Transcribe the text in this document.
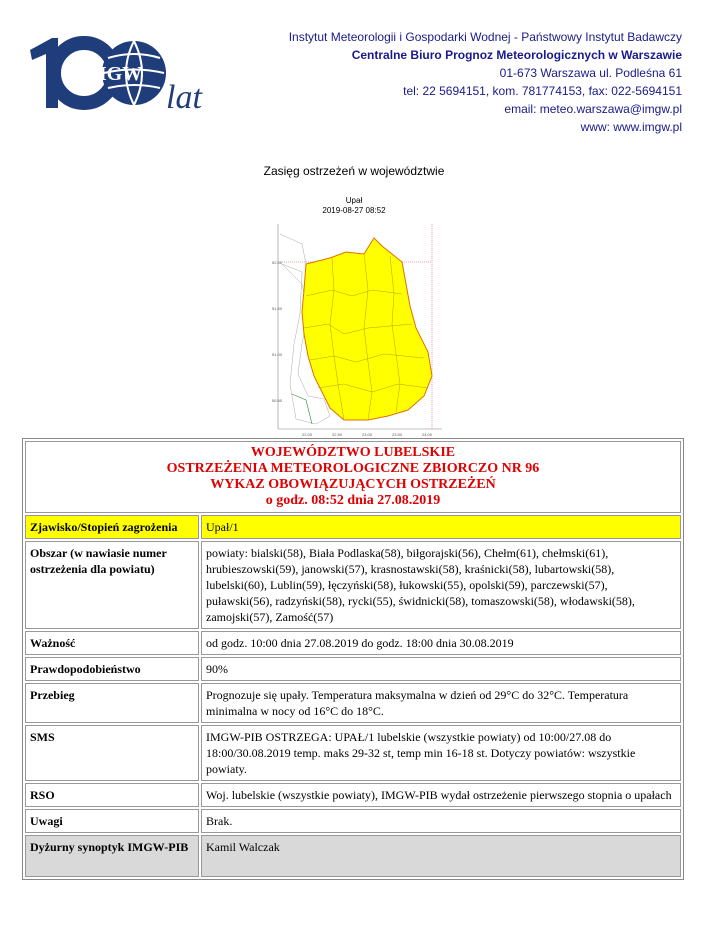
IMGW
lat
Instytut Meteorologii i Gospodarki Wodnej - Państwowy Instytut Badawczy
Centralne Biuro Prognoz Meteorologicznych w Warszawie
01-673 Warszawa ul. Podleśna 61
tel: 22 5694151, kom. 781774153, fax: 022-5694151
email: meteo.warszawa@imgw.pl
www: www.imgw.pl
Zasięg ostrzeżeń w województwie
Upał
2019-08-27 08:52
52.00
51.50
51.00
50.50
22.00	22.50	23.00	23.50	24.00
WOJEWÓDZTWO LUBELSKIE
OSTRZEŻENIA METEOROLOGICZNE ZBIORCZO NR 96
WYKAZ OBOWIĄZUJĄCYCH OSTRZEŻEŃ
o godz. 08:52 dnia 27.08.2019	

Zjawisko/Stopień zagrożenia	Upał/1
Obszar (w nawiasie numer ostrzeżenia dla powiatu)	powiaty: bialski(58), Biała Podlaska(58), biłgorajski(56), Chełm(61), chełmski(61), hrubieszowski(59), janowski(57), krasnostawski(58), kraśnicki(58), lubartowski(58), lubelski(60), Lublin(59), łęczyński(58), łukowski(55), opolski(59), parczewski(57), puławski(56), radzyński(58), rycki(55), świdnicki(58), tomaszowski(58), włodawski(58), zamojski(57), Zamość(57)
Ważność	od godz. 10:00 dnia 27.08.2019 do godz. 18:00 dnia 30.08.2019
Prawdopodobieństwo	90%
Przebieg	Prognozuje się upały. Temperatura maksymalna w dzień od 29°C do 32°C. Temperatura minimalna w nocy od 16°C do 18°C.
SMS	IMGW-PIB OSTRZEGA: UPAŁ/1 lubelskie (wszystkie powiaty) od 10:00/27.08 do 18:00/30.08.2019 temp. maks 29-32 st, temp min 16-18 st. Dotyczy powiatów: wszystkie powiaty.
RSO	Woj. lubelskie (wszystkie powiaty), IMGW-PIB wydał ostrzeżenie pierwszego stopnia o upałach
Uwagi	Brak.
Dyżurny synoptyk IMGW-PIB	Kamil Walczak
